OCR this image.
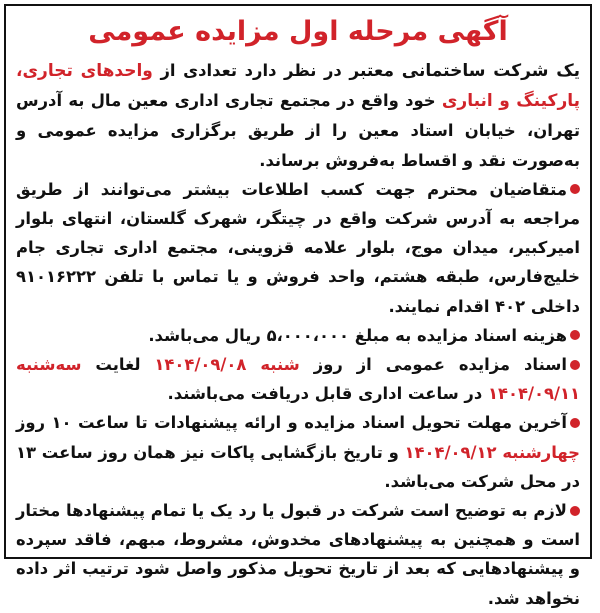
آگهی مرحله اول مزایده عمومی

یک شرکت ساختمانی معتبر در نظر دارد تعدادی از واحدهای تجاری، پارکینگ و انباری خود واقع در مجتمع تجاری اداری معین مال به آدرس تهران، خیابان استاد معین را از طریق برگزاری مزایده عمومی و به‌صورت نقد و اقساط به‌فروش برساند.

متقاضیان محترم جهت کسب اطلاعات بیشتر می‌توانند از طریق مراجعه به آدرس شرکت واقع در چیتگر، شهرک گلستان، انتهای بلوار امیرکبیر، میدان موج، بلوار علامه قزوینی، مجتمع اداری تجاری جام خلیج‌فارس، طبقه هشتم، واحد فروش و یا تماس با تلفن ۹۱۰۱۶۲۲۲ داخلی ۴۰۲ اقدام نمایند.

هزینه اسناد مزایده به مبلغ ۵،۰۰۰،۰۰۰ ریال می‌باشد.

اسناد مزایده عمومی از روز شنبه ۱۴۰۴/۰۹/۰۸ لغایت سه‌شنبه ۱۴۰۴/۰۹/۱۱ در ساعت اداری قابل دریافت می‌باشند.

آخرین مهلت تحویل اسناد مزایده و ارائه پیشنهادات تا ساعت ۱۰ روز چهارشنبه ۱۴۰۴/۰۹/۱۲ و تاریخ بازگشایی پاکات نیز همان روز ساعت ۱۳ در محل شرکت می‌باشد.

لازم به توضیح است شرکت در قبول یا رد یک یا تمام پیشنهادها مختار است و همچنین به پیشنهادهای مخدوش، مشروط، مبهم، فاقد سپرده و پیشنهادهایی که بعد از تاریخ تحویل مذکور واصل شود ترتیب اثر داده نخواهد شد.
